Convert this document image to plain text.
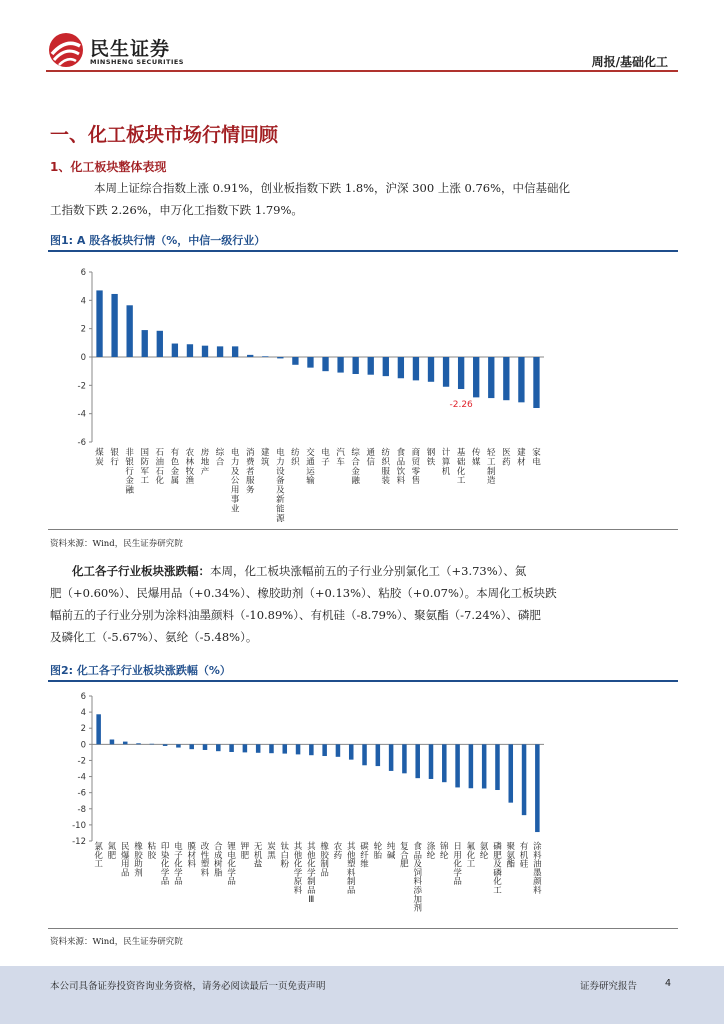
民生证券
MINSHENG SECURITIES	周报/基础化工
一、化工板块市场行情回顾
1、化工板块整体表现
本周上证综合指数上涨 0.91%，创业板指数下跌 1.8%，沪深 300 上涨 0.76%，中信基础化
工指数下跌 2.26%，申万化工指数下跌 1.79%。
图1: A 股各板块行情（%，中信一级行业）
6
4
2
0
-2
-4
-6
煤炭
银行
非银行金融
国防军工
石油石化
有色金属
农林牧渔
房地产
综合
电力及公用事业
消费者服务
建筑
电力设备及新能源
纺织
交通运输
电子
汽车
综合金融
通信
纺织服装
食品饮料
商贸零售
钢铁
计算机
基础化工
传媒
轻工制造
医药
建材
家电
-2.26
资料来源：Wind，民生证券研究院
化工各子行业板块涨跌幅：本周，化工板块涨幅前五的子行业分别氯化工（+3.73%）、氮
肥（+0.60%）、民爆用品（+0.34%）、橡胶助剂（+0.13%）、粘胶（+0.07%）。本周化工板块跌
幅前五的子行业分别为涂料油墨颜料（-10.89%）、有机硅（-8.79%）、聚氨酯（-7.24%）、磷肥
及磷化工（-5.67%）、氨纶（-5.48%）。
图2: 化工各子行业板块涨跌幅（%）
6
4
2
0
-2
-4
-6
-8
-10
-12 氯化工
氮肥
民爆用品
橡胶助剂
粘胶
印染化学品
电子化学品
膜材料
改性塑料
合成树脂
锂电化学品
钾肥
无机盐
炭黑
钛白粉
其他化学原料
其他化学制品 Ⅲ
橡胶制品
农药
其他塑料制品
碳纤维
轮胎
纯碱
复合肥
食品及饲料添加剂
涤纶
锦纶
日用化学品
氟化工
氨纶
磷肥及磷化工
聚氨酯
有机硅
涂料油墨颜料
资料来源：Wind，民生证券研究院
本公司具备证券投资咨询业务资格，请务必阅读最后一页免责声明	证券研究报告	4
